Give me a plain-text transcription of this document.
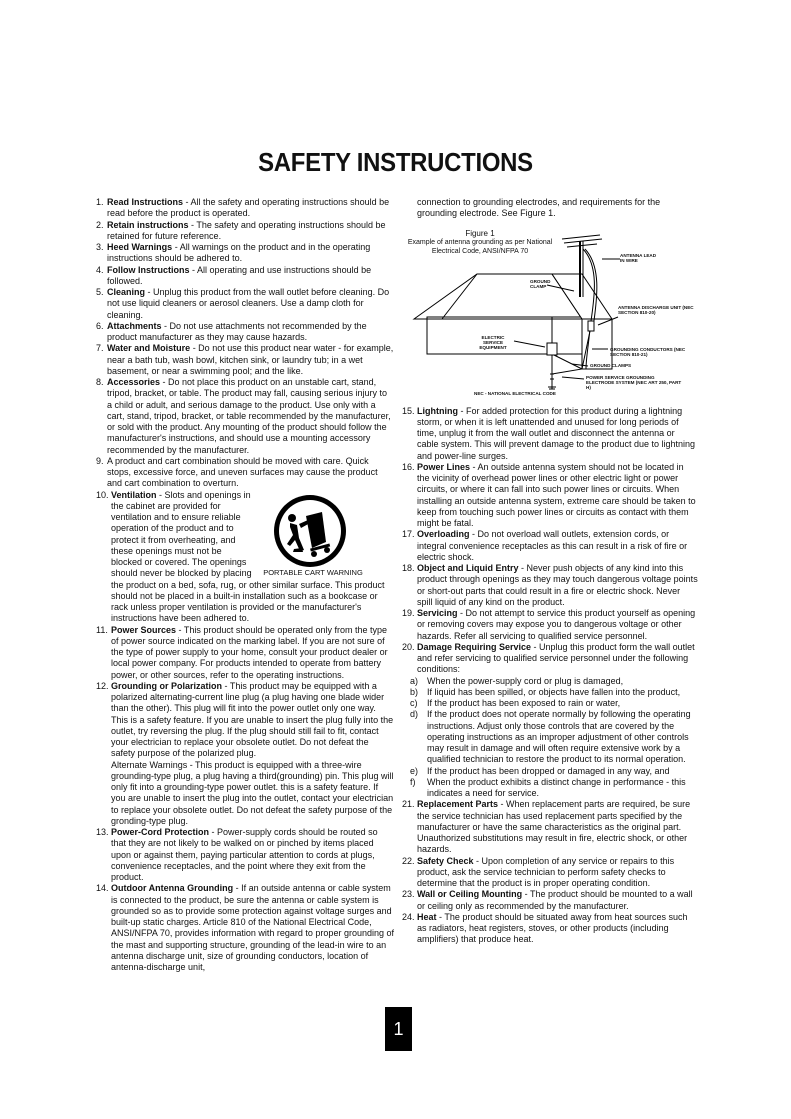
SAFETY INSTRUCTIONS
1. Read Instructions - All the safety and operating instructions should be read before the product is operated.
2. Retain instructions - The safety and operating instructions should be retained for future reference.
3. Heed Warnings - All warnings on the product and in the operating instructions should be adhered to.
4. Follow Instructions - All operating and use instructions should be followed.
5. Cleaning - Unplug this product from the wall outlet before cleaning. Do not use liquid cleaners or aerosol cleaners. Use a damp cloth for cleaning.
6. Attachments - Do not use attachments not recommended by the product manufacturer as they may cause hazards.
7. Water and Moisture - Do not use this product near water - for example, near a bath tub, wash bowl, kitchen sink, or laundry tub; in a wet basement, or near a swimming pool; and the like.
8. Accessories - Do not place this product on an unstable cart, stand, tripod, bracket, or table. The product may fall, causing serious injury to a child or adult, and serious damage to the product. Use only with a cart, stand, tripod, bracket, or table recommended by the manufacturer, or sold with the product. Any mounting of the product should follow the manufacturer's instructions, and should use a mounting accessory recommended by the manufacturer.
9. A product and cart combination should be moved with care. Quick stops, excessive force, and uneven surfaces may cause the product and cart combination to overturn.
10. Ventilation - Slots and openings in
the cabinet are provided for
ventilation and to ensure reliable
operation of the product and to
protect it from overheating, and
these openings must not be
blocked or covered. The openings
should never be blocked by placing
the product on a bed, sofa, rug, or other similar surface. This product should not be placed in a built-in installation such as a bookcase or rack unless proper ventilation is provided or the manufacturer's instructions have been adhered to.
11. Power Sources - This product should be operated only from the type of power source indicated on the marking label. If you are not sure of the type of power supply to your home, consult your product dealer or local power company. For products intended to operate from battery power, or other sources, refer to the operating instructions.
12. Grounding or Polarization - This product may be equipped with a polarized alternating-current line plug (a plug having one blade wider than the other). This plug will fit into the power outlet only one way. This is a safety feature. If you are unable to insert the plug fully into the outlet, try reversing the plug. If the plug should still fail to fit, contact your electrician to replace your obsolete outlet. Do not defeat the safety purpose of the polarized plug.
Alternate Warnings - This product is equipped with a three-wire grounding-type plug, a plug having a third(grounding) pin. This plug will only fit into a grounding-type power outlet. this is a safety feature. If you are unable to insert the plug into the outlet, contact your electrician to replace your obsolete outlet. Do not defeat the safety purpose of the gronding-type plug.
13. Power-Cord Protection - Power-supply cords should be routed so that they are not likely to be walked on or pinched by items placed upon or against them, paying particular attention to cords at plugs, convenience receptacles, and the point where they exit from the product.
14. Outdoor Antenna Grounding - If an outside antenna or cable system is connected to the product, be sure the antenna or cable system is grounded so as to provide some protection against voltage surges and built-up static charges. Article 810 of the National Electrical Code, ANSI/NFPA 70, provides information with regard to proper grounding of the mast and supporting structure, grounding of the lead-in wire to an antenna discharge unit, size of grounding conductors, location of antenna-discharge unit,
PORTABLE CART WARNING
connection to grounding electrodes, and requirements for the grounding electrode. See Figure 1.
15. Lightning - For added protection for this product during a lightning storm, or when it is left unattended and unused for long periods of time, unplug it from the wall outlet and disconnect the antenna or cable system. This will prevent damage to the product due to lightning and power-line surges.
16. Power Lines - An outside antenna system should not be located in the vicinity of overhead power lines or other electric light or power circuits, or where it can fall into such power lines or circuits. When installing an outside antenna system, extreme care should be taken to keep from touching such power lines or circuits as contact with them might be fatal.
17. Overloading - Do not overload wall outlets, extension cords, or integral convenience receptacles as this can result in a risk of fire or electric shock.
18. Object and Liquid Entry - Never push objects of any kind into this product through openings as they may touch dangerous voltage points or short-out parts that could result in a fire or electric shock. Never spill liquid of any kind on the product.
19. Servicing - Do not attempt to service this product yourself as opening or removing covers may expose you to dangerous voltage or other hazards. Refer all servicing to qualified service personnel.
20. Damage Requiring Service - Unplug this product form the wall outlet and refer servicing to qualified service personnel under the following conditions:
a) When the power-supply cord or plug is damaged,
b) If liquid has been spilled, or objects have fallen into the product,
c) If the product has been exposed to rain or water,
d) If the product does not operate normally by following the operating instructions. Adjust only those controls that are covered by the operating instructions as an improper adjustment of other controls may result in damage and will often require extensive work by a qualified technician to restore the product to its normal operation.
e) If the product has been dropped or damaged in any way, and
f) When the product exhibits a distinct change in performance - this indicates a need for service.
21. Replacement Parts - When replacement parts are required, be sure the service technician has used replacement parts specified by the manufacturer or have the same characteristics as the original part. Unauthorized substitutions may result in fire, electric shock, or other hazards.
22. Safety Check - Upon completion of any service or repairs to this product, ask the service technician to perform safety checks to determine that the product is in proper operating condition.
23. Wall or Ceiling Mounting - The product should be mounted to a wall or ceiling only as recommended by the manufacturer.
24. Heat - The product should be situated away from heat sources such as radiators, heat registers, stoves, or other products (including amplifiers) that produce heat.
Figure 1
Example of antenna grounding as per National Electrical Code, ANSI/NFPA 70
ANTENNA LEAD IN WIRE
GROUND CLAMP
ANTENNA DISCHARGE UNIT (NEC SECTION 810-20)
ELECTRIC SERVICE EQUIPMENT	GROUNDING CONDUCTORS (NEC SECTION 810-21)
GROUND CLAMPS
POWER SERVICE GROUNDING ELECTRODE SYSTEM (NEC ART 250, PART H)
NEC - NATIONAL ELECTRICAL CODE
1
